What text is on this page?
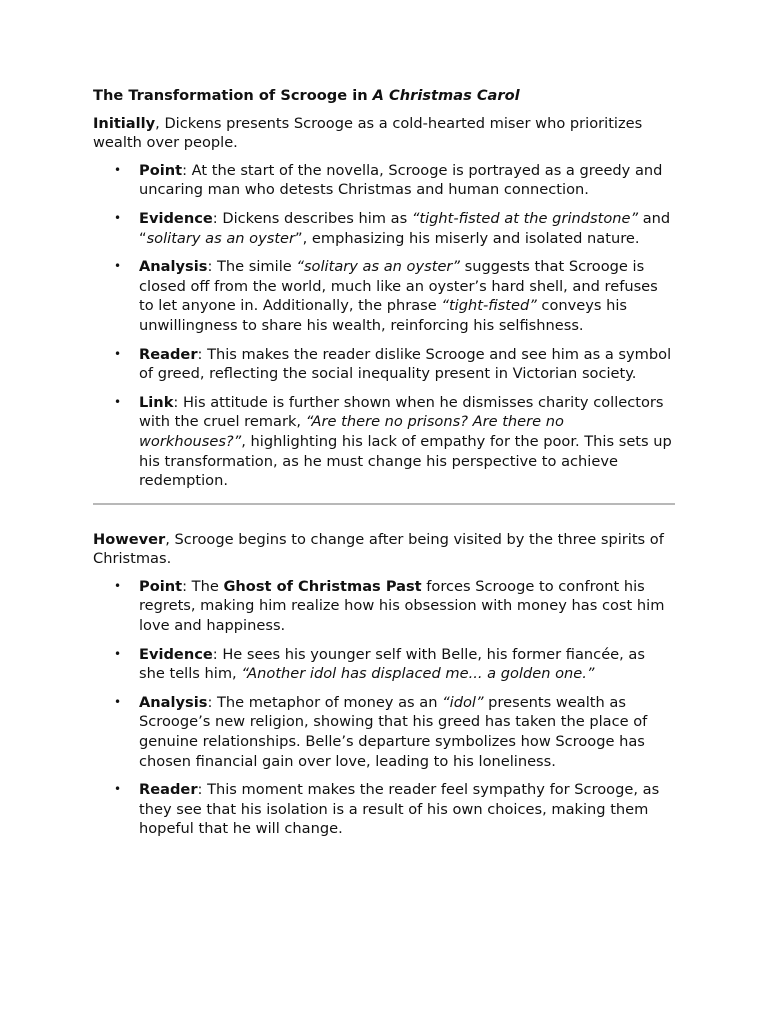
The Transformation of Scrooge in A Christmas Carol

Initially, Dickens presents Scrooge as a cold-hearted miser who prioritizes wealth over people.

• Point: At the start of the novella, Scrooge is portrayed as a greedy and uncaring man who detests Christmas and human connection.
• Evidence: Dickens describes him as “tight-fisted at the grindstone” and “solitary as an oyster”, emphasizing his miserly and isolated nature.
• Analysis: The simile “solitary as an oyster” suggests that Scrooge is closed off from the world, much like an oyster’s hard shell, and refuses to let anyone in. Additionally, the phrase “tight-fisted” conveys his unwillingness to share his wealth, reinforcing his selfishness.
• Reader: This makes the reader dislike Scrooge and see him as a symbol of greed, reflecting the social inequality present in Victorian society.
• Link: His attitude is further shown when he dismisses charity collectors with the cruel remark, “Are there no prisons? Are there no workhouses?”, highlighting his lack of empathy for the poor. This sets up his transformation, as he must change his perspective to achieve redemption.

However, Scrooge begins to change after being visited by the three spirits of Christmas.

• Point: The Ghost of Christmas Past forces Scrooge to confront his regrets, making him realize how his obsession with money has cost him love and happiness.
• Evidence: He sees his younger self with Belle, his former fiancée, as she tells him, “Another idol has displaced me... a golden one.”
• Analysis: The metaphor of money as an “idol” presents wealth as Scrooge’s new religion, showing that his greed has taken the place of genuine relationships. Belle’s departure symbolizes how Scrooge has chosen financial gain over love, leading to his loneliness.
• Reader: This moment makes the reader feel sympathy for Scrooge, as they see that his isolation is a result of his own choices, making them hopeful that he will change.
